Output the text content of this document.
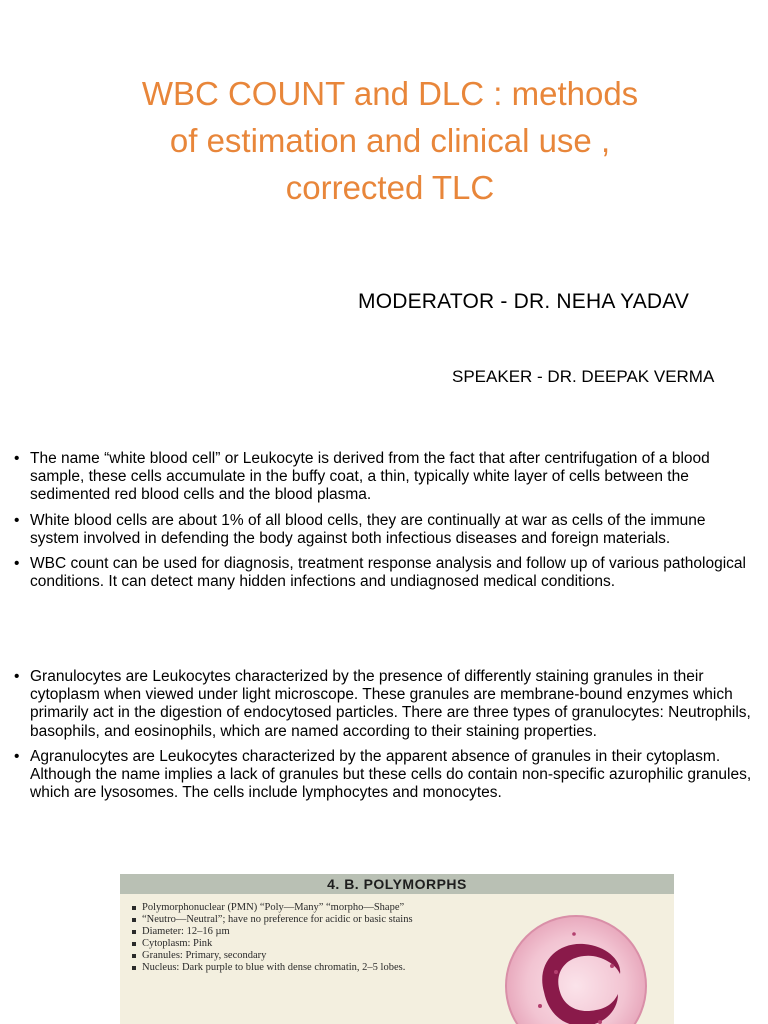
WBC COUNT and DLC : methods
of estimation and clinical use ,
corrected TLC
MODERATOR - DR. NEHA YADAV
SPEAKER - DR. DEEPAK VERMA
• The name “white blood cell” or Leukocyte is derived from the fact that after centrifugation of a blood sample, these cells accumulate in the buffy coat, a thin, typically white layer of cells between the sedimented red blood cells and the blood plasma.
• White blood cells are about 1% of all blood cells, they are continually at war as cells of the immune system involved in defending the body against both infectious diseases and foreign materials.
• WBC count can be used for diagnosis, treatment response analysis and follow up of various pathological conditions. It can detect many hidden infections and undiagnosed medical conditions.
• Granulocytes are Leukocytes characterized by the presence of differently staining granules in their cytoplasm when viewed under light microscope. These granules are membrane-bound enzymes which primarily act in the digestion of endocytosed particles. There are three types of granulocytes: Neutrophils, basophils, and eosinophils, which are named according to their staining properties.
• Agranulocytes are Leukocytes characterized by the apparent absence of granules in their cytoplasm. Although the name implies a lack of granules but these cells do contain non-specific azurophilic granules, which are lysosomes. The cells include lymphocytes and monocytes.
4. B. POLYMORPHS
Polymorphonuclear (PMN) “Poly—Many” “morpho—Shape”
“Neutro—Neutral”; have no preference for acidic or basic stains
Diameter: 12–16 µm
Cytoplasm: Pink
Granules: Primary, secondary
Nucleus: Dark purple to blue with dense chromatin, 2–5 lobes.
